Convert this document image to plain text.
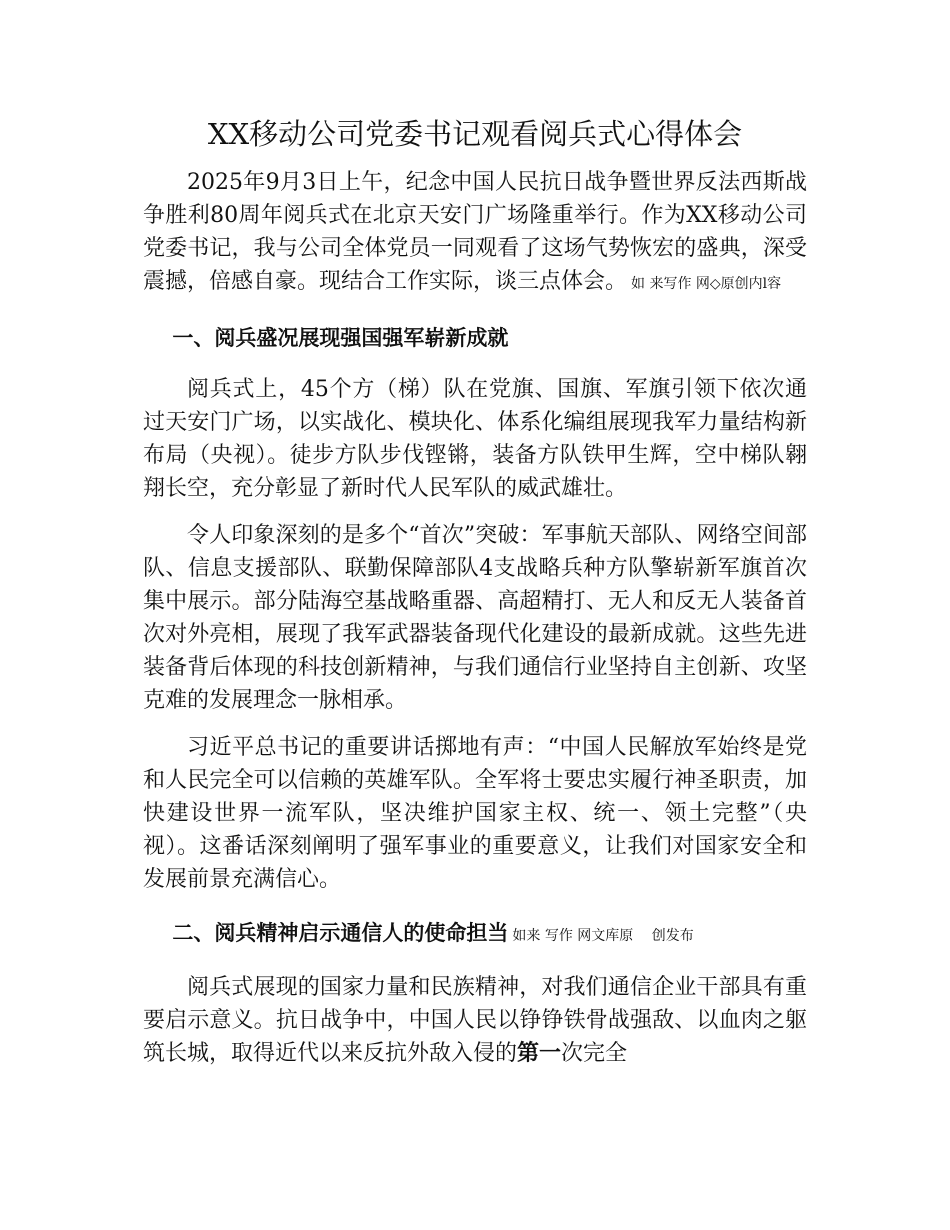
XX移动公司党委书记观看阅兵式心得体会

2025年9月3日上午，纪念中国人民抗日战争暨世界反法西斯战争胜利80周年阅兵式在北京天安门广场隆重举行。作为XX移动公司党委书记，我与公司全体党员一同观看了这场气势恢宏的盛典，深受震撼，倍感自豪。现结合工作实际，谈三点体会。 如 来写作 网◇原创内l容

一、阅兵盛况展现强国强军崭新成就

阅兵式上，45个方（梯）队在党旗、国旗、军旗引领下依次通过天安门广场，以实战化、模块化、体系化编组展现我军力量结构新布局（央视）。徒步方队步伐铿锵，装备方队铁甲生辉，空中梯队翱翔长空，充分彰显了新时代人民军队的威武雄壮。

令人印象深刻的是多个“首次”突破：军事航天部队、网络空间部队、信息支援部队、联勤保障部队4支战略兵种方队擎崭新军旗首次集中展示。部分陆海空基战略重器、高超精打、无人和反无人装备首次对外亮相，展现了我军武器装备现代化建设的最新成就。这些先进装备背后体现的科技创新精神，与我们通信行业坚持自主创新、攻坚克难的发展理念一脉相承。

习近平总书记的重要讲话掷地有声：“中国人民解放军始终是党和人民完全可以信赖的英雄军队。全军将士要忠实履行神圣职责，加快建设世界一流军队，坚决维护国家主权、统一、领土完整”（央视）。这番话深刻阐明了强军事业的重要意义，让我们对国家安全和发展前景充满信心。

二、阅兵精神启示通信人的使命担当 如来 写作 网文库原　 创发布

阅兵式展现的国家力量和民族精神，对我们通信企业干部具有重要启示意义。抗日战争中，中国人民以铮铮铁骨战强敌、以血肉之躯筑长城，取得近代以来反抗外敌入侵的第一次完全
